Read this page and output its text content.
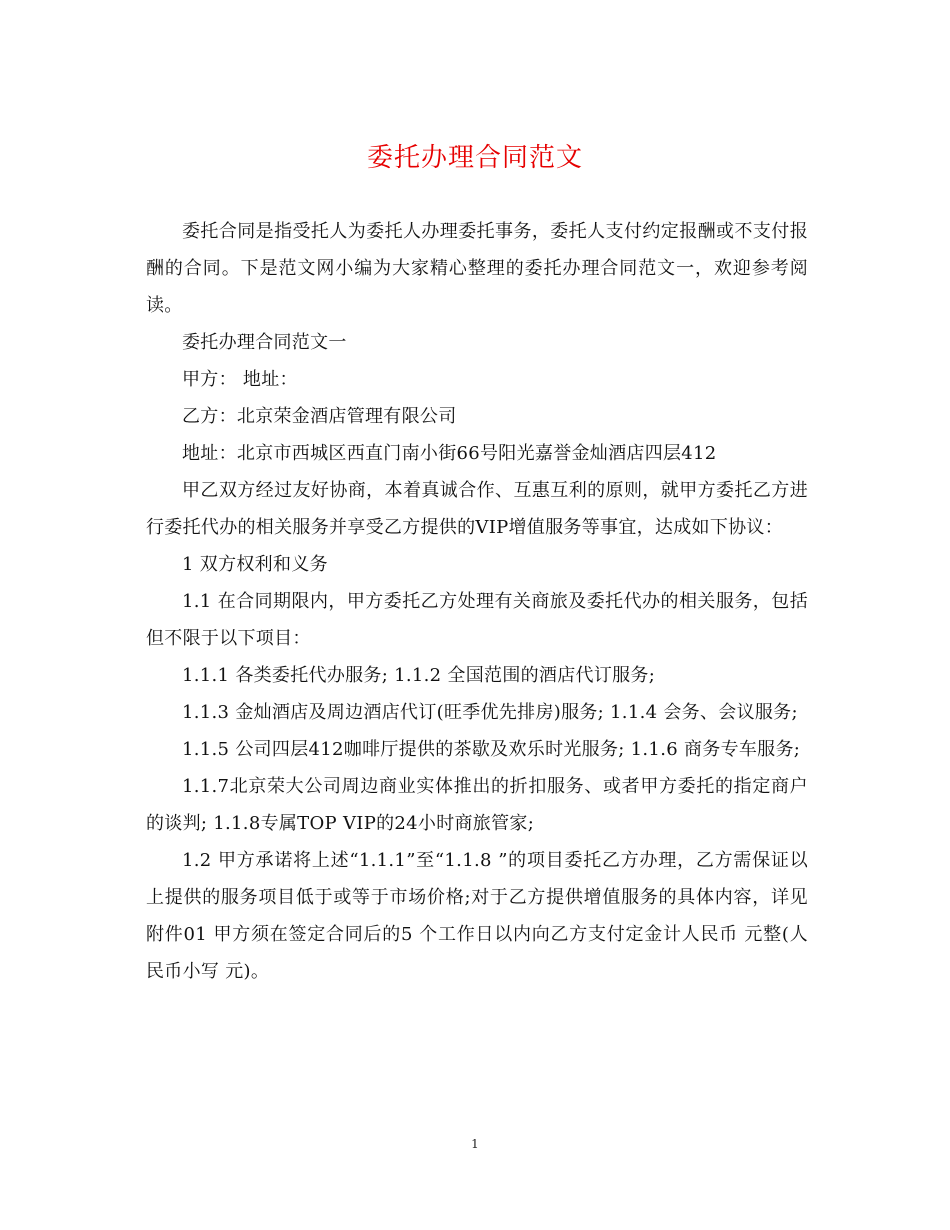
委托办理合同范文

委托合同是指受托人为委托人办理委托事务，委托人支付约定报酬或不支付报酬的合同。下是范文网小编为大家精心整理的委托办理合同范文一，欢迎参考阅读。

委托办理合同范文一

甲方： 地址：

乙方：北京荣金酒店管理有限公司

地址：北京市西城区西直门南小街66号阳光嘉誉金灿酒店四层412

甲乙双方经过友好协商，本着真诚合作、互惠互利的原则，就甲方委托乙方进行委托代办的相关服务并享受乙方提供的VIP增值服务等事宜，达成如下协议：

1 双方权利和义务

1.1 在合同期限内，甲方委托乙方处理有关商旅及委托代办的相关服务，包括但不限于以下项目：

1.1.1 各类委托代办服务; 1.1.2 全国范围的酒店代订服务;

1.1.3 金灿酒店及周边酒店代订(旺季优先排房)服务; 1.1.4 会务、会议服务;

1.1.5 公司四层412咖啡厅提供的茶歇及欢乐时光服务; 1.1.6 商务专车服务;

1.1.7北京荣大公司周边商业实体推出的折扣服务、或者甲方委托的指定商户的谈判; 1.1.8专属TOP VIP的24小时商旅管家;

1.2 甲方承诺将上述“1.1.1”至“1.1.8 ”的项目委托乙方办理，乙方需保证以上提供的服务项目低于或等于市场价格;对于乙方提供增值服务的具体内容，详见附件01 甲方须在签定合同后的5 个工作日以内向乙方支付定金计人民币 元整(人民币小写 元)。

1
